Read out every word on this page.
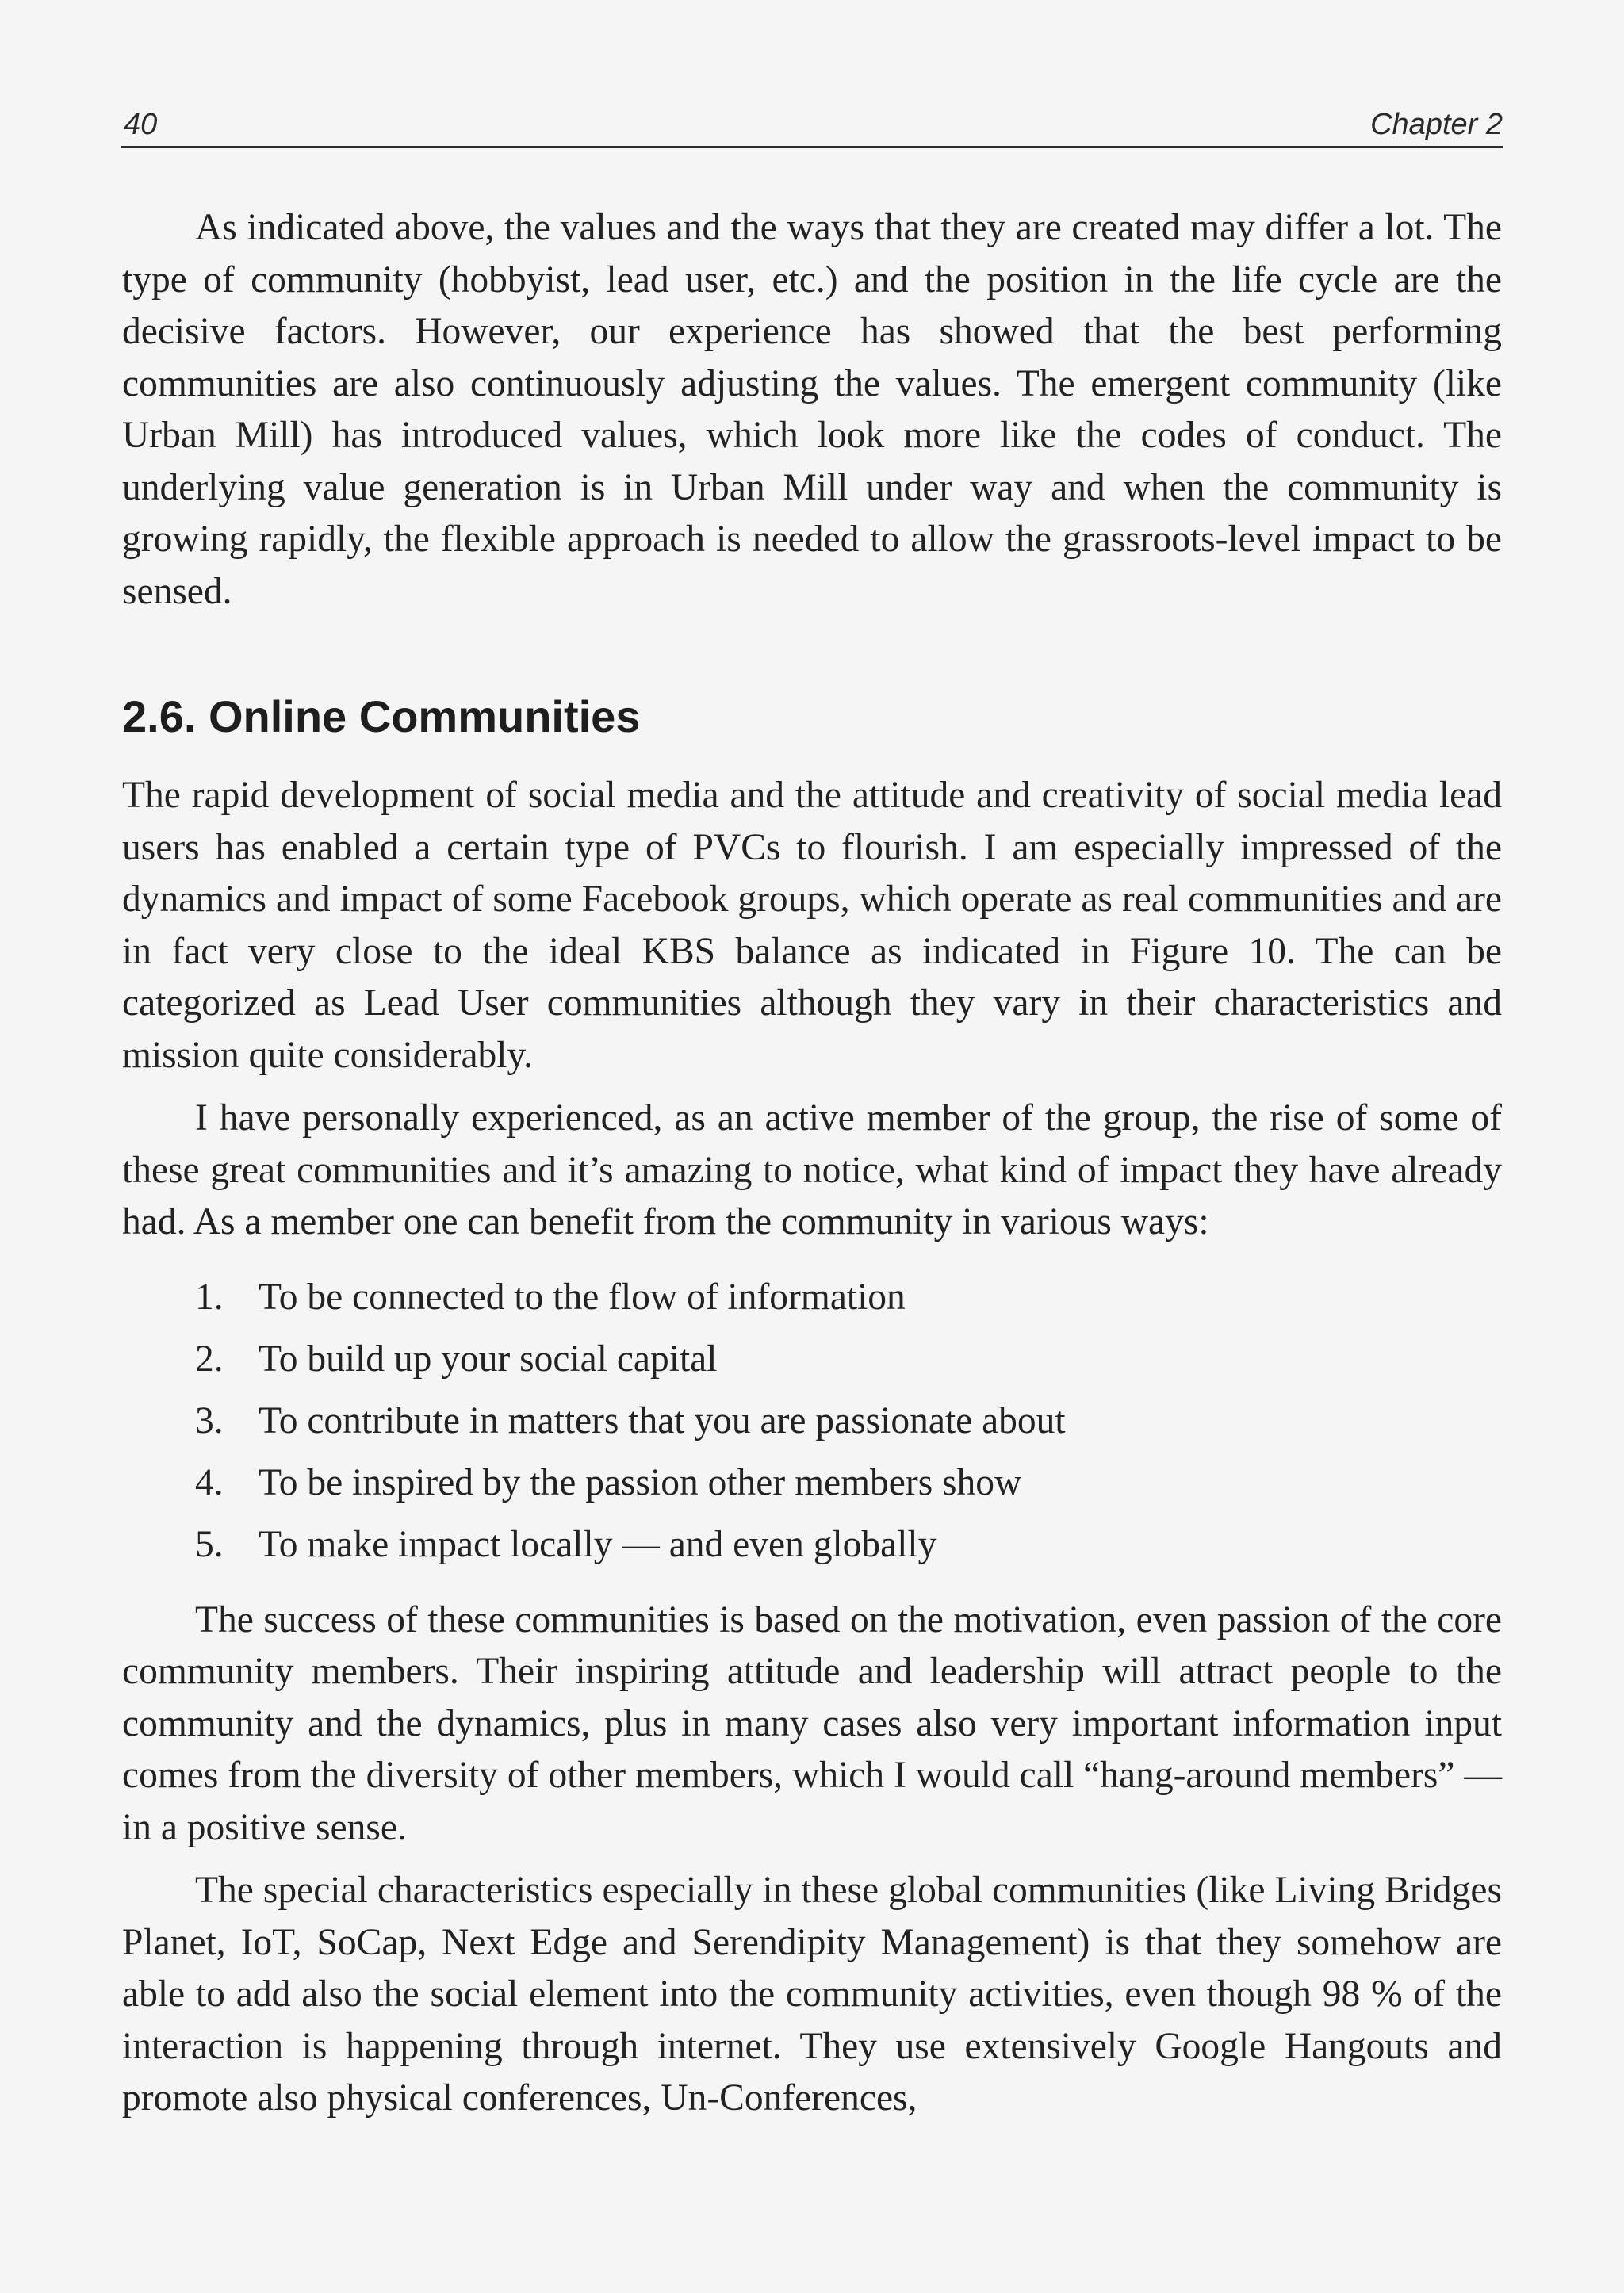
40	Chapter 2

As indicated above, the values and the ways that they are created may differ a lot. The type of community (hobbyist, lead user, etc.) and the position in the life cycle are the decisive factors. However, our experience has showed that the best performing communities are also continuously adjusting the values. The emergent community (like Urban Mill) has introduced values, which look more like the codes of conduct. The underlying value generation is in Urban Mill under way and when the community is growing rapidly, the flexible approach is needed to allow the grassroots-level impact to be sensed.

2.6. Online Communities

The rapid development of social media and the attitude and creativity of social media lead users has enabled a certain type of PVCs to flourish. I am especially impressed of the dynamics and impact of some Facebook groups, which operate as real communities and are in fact very close to the ideal KBS balance as indicated in Figure 10. The can be categorized as Lead User communities although they vary in their characteristics and mission quite considerably.

I have personally experienced, as an active member of the group, the rise of some of these great communities and it’s amazing to notice, what kind of impact they have already had. As a member one can benefit from the community in various ways:

1. To be connected to the flow of information
2. To build up your social capital
3. To contribute in matters that you are passionate about
4. To be inspired by the passion other members show
5. To make impact locally — and even globally

The success of these communities is based on the motivation, even passion of the core community members. Their inspiring attitude and leadership will attract people to the community and the dynamics, plus in many cases also very important information input comes from the diversity of other members, which I would call “hang-around members” — in a positive sense.

The special characteristics especially in these global communities (like Living Bridges Planet, IoT, SoCap, Next Edge and Serendipity Management) is that they somehow are able to add also the social element into the community activities, even though 98 % of the interaction is happening through internet. They use extensively Google Hangouts and promote also physical conferences, Un-Conferences,
